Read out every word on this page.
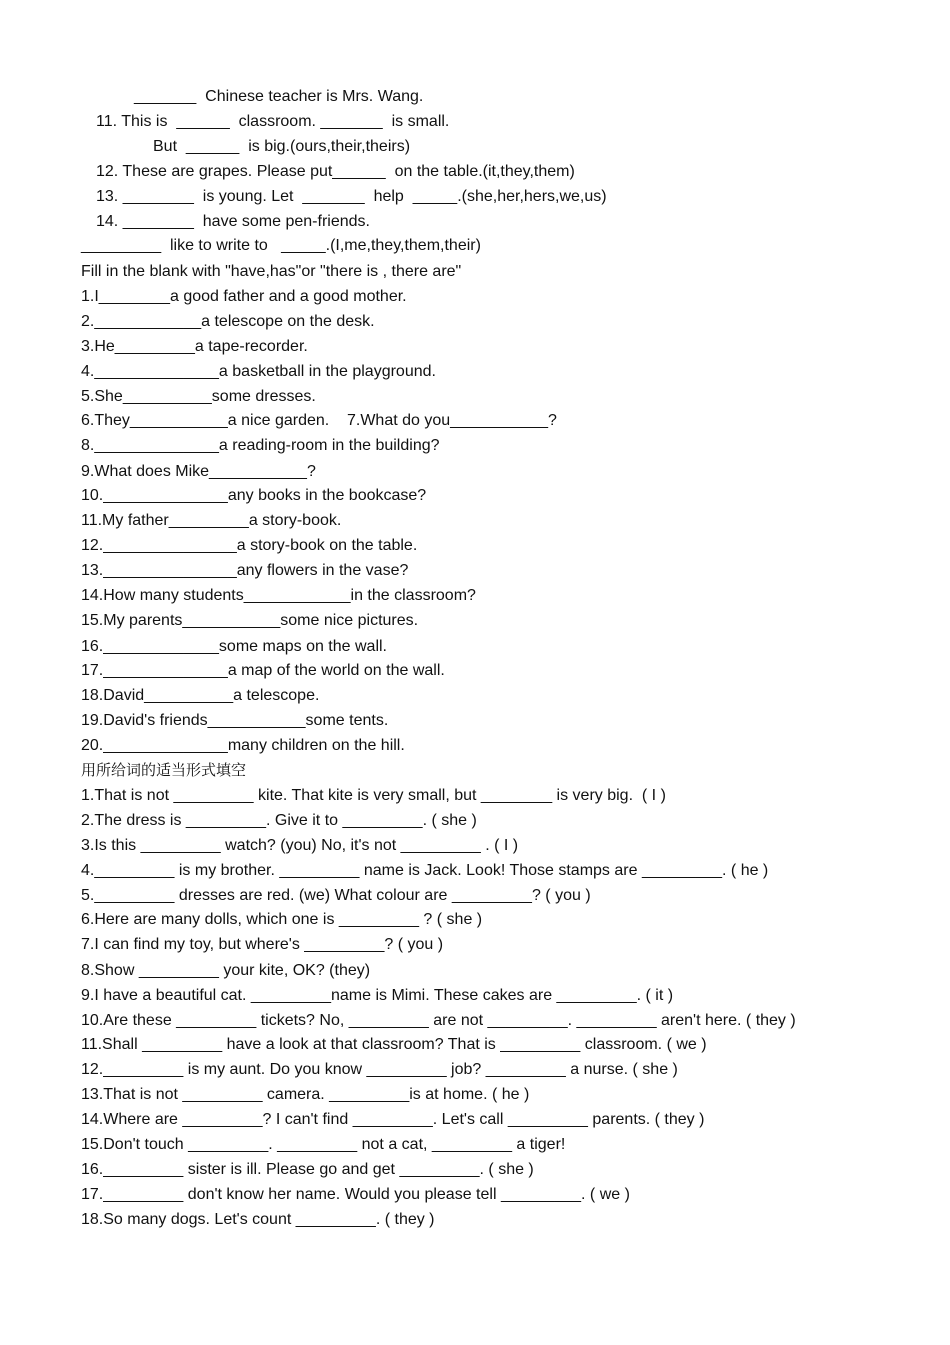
_______  Chinese teacher is Mrs. Wang.
11. This is  ______  classroom. _______  is small.
But  ______  is big.(ours,their,theirs)
12. These are grapes. Please put______  on the table.(it,they,them)
13. ________  is young. Let  _______  help  _____.(she,her,hers,we,us)
14. ________  have some pen-friends.
_________  like to write to   _____.(I,me,they,them,their)
Fill in the blank with "have,has"or "there is , there are"
1.I________a good father and a good mother.
2.____________a telescope on the desk.
3.He_________a tape-recorder.
4.______________a basketball in the playground.
5.She__________some dresses.
6.They___________a nice garden.    7.What do you___________?
8.______________a reading-room in the building?
9.What does Mike___________?
10.______________any books in the bookcase?
11.My father_________a story-book.
12._______________a story-book on the table.
13._______________any flowers in the vase?
14.How many students____________in the classroom?
15.My parents___________some nice pictures.
16._____________some maps on the wall.
17.______________a map of the world on the wall.
18.David__________a telescope.
19.David's friends___________some tents.
20.______________many children on the hill.
用所给词的适当形式填空
1.That is not _________ kite. That kite is very small, but ________ is very big.  ( I )
2.The dress is _________. Give it to _________. ( she )
3.Is this _________ watch? (you) No, it's not _________ . ( I )
4._________ is my brother. _________ name is Jack. Look! Those stamps are _________. ( he )
5._________ dresses are red. (we) What colour are _________? ( you )
6.Here are many dolls, which one is _________ ? ( she )
7.I can find my toy, but where's _________? ( you )
8.Show _________ your kite, OK? (they)
9.I have a beautiful cat. _________name is Mimi. These cakes are _________. ( it )
10.Are these _________ tickets? No, _________ are not _________. _________ aren't here. ( they )
11.Shall _________ have a look at that classroom? That is _________ classroom. ( we )
12._________ is my aunt. Do you know _________ job? _________ a nurse. ( she )
13.That is not _________ camera. _________is at home. ( he )
14.Where are _________? I can't find _________. Let's call _________ parents. ( they )
15.Don't touch _________. _________ not a cat, _________ a tiger!
16._________ sister is ill. Please go and get _________. ( she )
17._________ don't know her name. Would you please tell _________. ( we )
18.So many dogs. Let's count _________. ( they )
